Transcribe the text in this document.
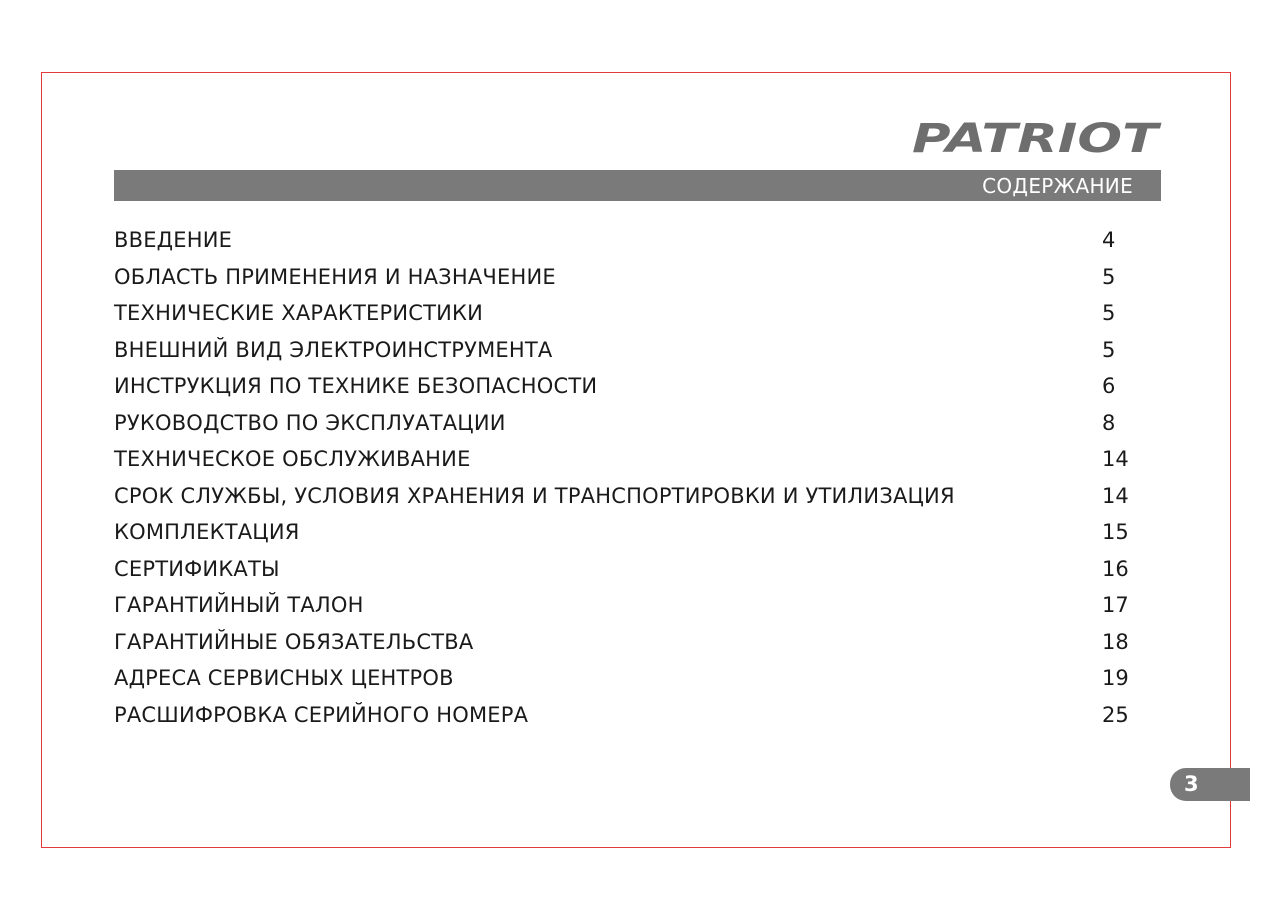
PATRIOT
СОДЕРЖАНИЕ
ВВЕДЕНИЕ	4
ОБЛАСТЬ ПРИМЕНЕНИЯ И НАЗНАЧЕНИЕ	5
ТЕХНИЧЕСКИЕ ХАРАКТЕРИСТИКИ	5
ВНЕШНИЙ ВИД ЭЛЕКТРОИНСТРУМЕНТА	5
ИНСТРУКЦИЯ ПО ТЕХНИКЕ БЕЗОПАСНОСТИ	6
РУКОВОДСТВО ПО ЭКСПЛУАТАЦИИ	8
ТЕХНИЧЕСКОЕ ОБСЛУЖИВАНИЕ	14
СРОК СЛУЖБЫ, УСЛОВИЯ ХРАНЕНИЯ И ТРАНСПОРТИРОВКИ И УТИЛИЗАЦИЯ	14
КОМПЛЕКТАЦИЯ	15
СЕРТИФИКАТЫ	16
ГАРАНТИЙНЫЙ ТАЛОН	17
ГАРАНТИЙНЫЕ ОБЯЗАТЕЛЬСТВА	18
АДРЕСА СЕРВИСНЫХ ЦЕНТРОВ	19
РАСШИФРОВКА СЕРИЙНОГО НОМЕРА	25
3
